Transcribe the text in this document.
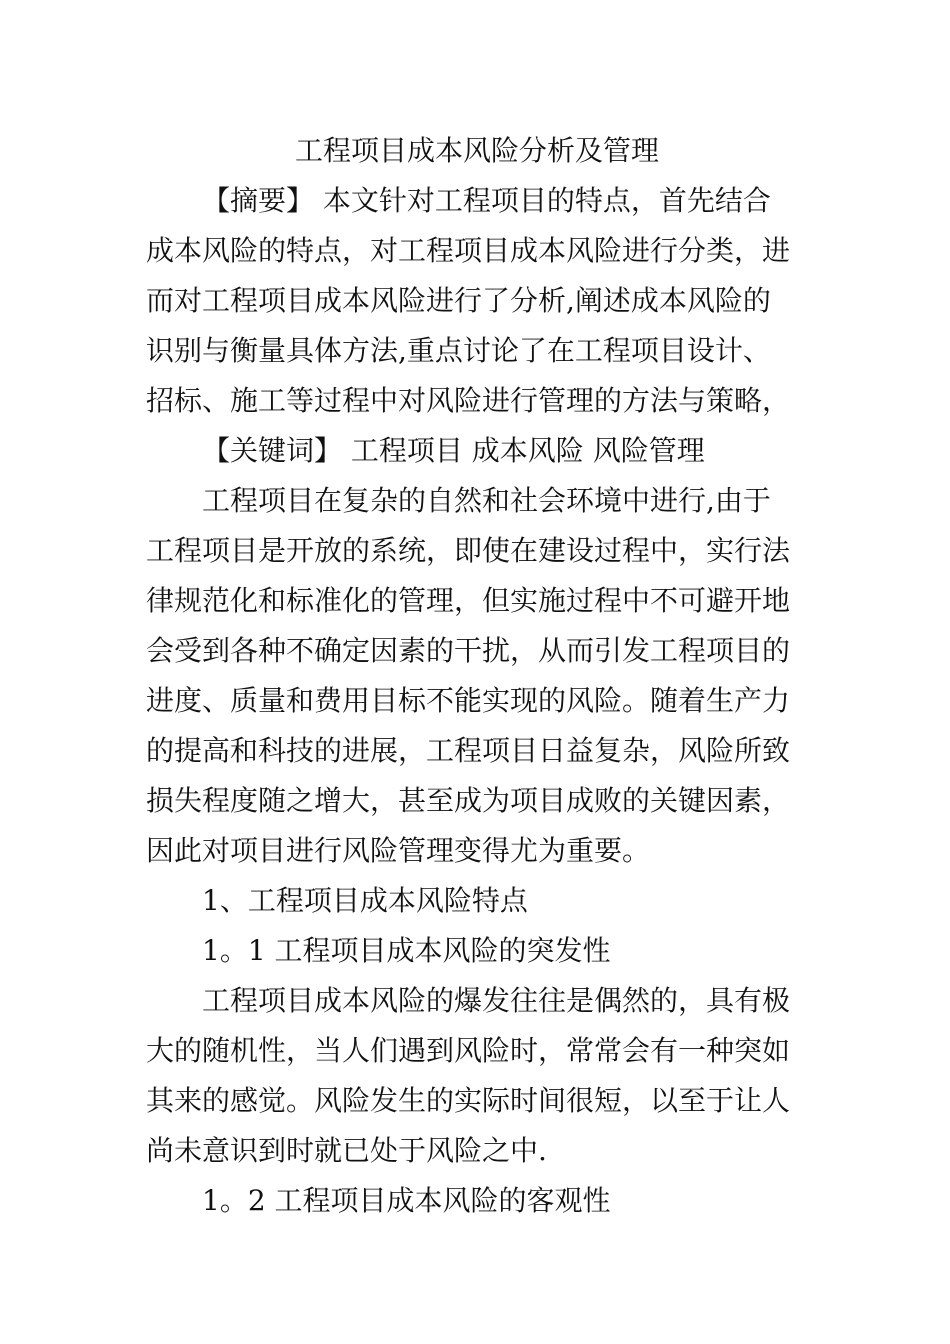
工程项目成本风险分析及管理
【摘要】 本文针对工程项目的特点，首先结合
成本风险的特点，对工程项目成本风险进行分类，进
而对工程项目成本风险进行了分析,阐述成本风险的
识别与衡量具体方法,重点讨论了在工程项目设计、
招标、施工等过程中对风险进行管理的方法与策略，
【关键词】 工程项目 成本风险 风险管理
工程项目在复杂的自然和社会环境中进行,由于
工程项目是开放的系统，即使在建设过程中，实行法
律规范化和标准化的管理，但实施过程中不可避开地
会受到各种不确定因素的干扰，从而引发工程项目的
进度、质量和费用目标不能实现的风险。随着生产力
的提高和科技的进展，工程项目日益复杂，风险所致
损失程度随之增大，甚至成为项目成败的关键因素，
因此对项目进行风险管理变得尤为重要。
1、工程项目成本风险特点
1。1 工程项目成本风险的突发性
工程项目成本风险的爆发往往是偶然的，具有极
大的随机性，当人们遇到风险时，常常会有一种突如
其来的感觉。风险发生的实际时间很短，以至于让人
尚未意识到时就已处于风险之中.
1。2 工程项目成本风险的客观性
